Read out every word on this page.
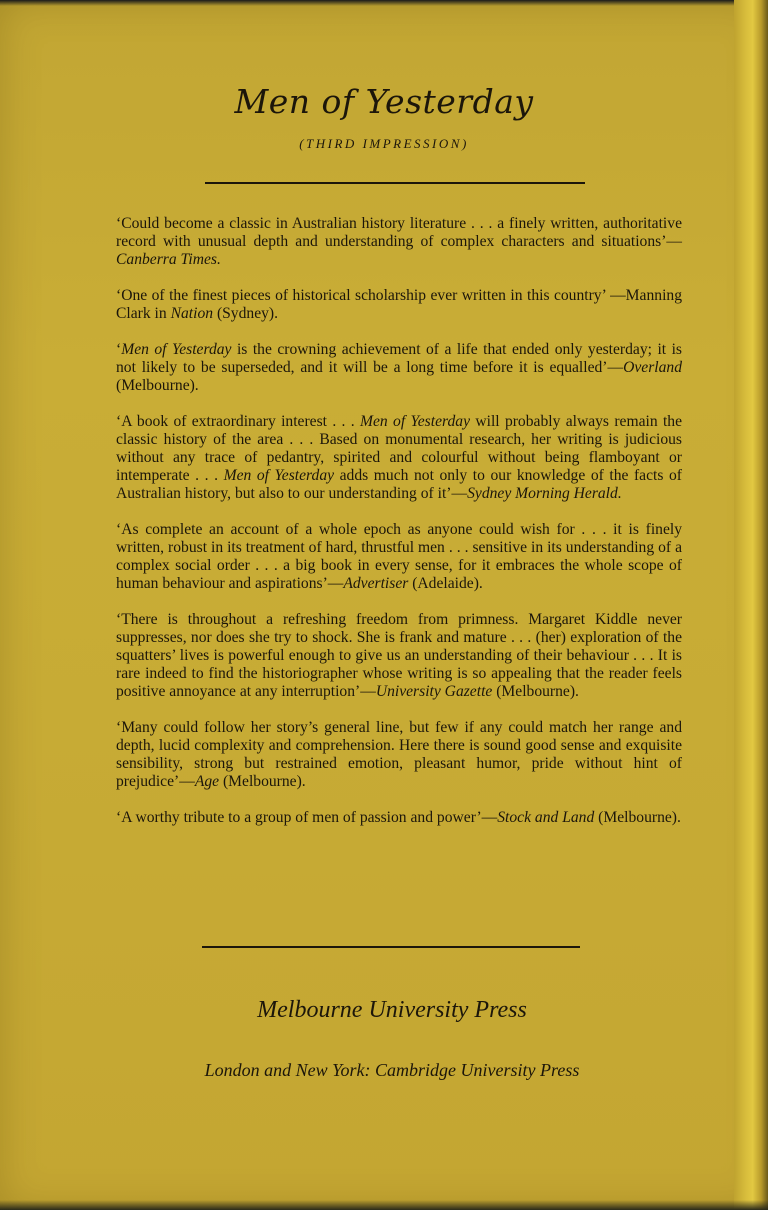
Men of Yesterday
(THIRD IMPRESSION)

‘Could become a classic in Australian history literature . . . a finely written, authoritative record with unusual depth and understanding of complex characters and situations’—Canberra Times.

‘One of the finest pieces of historical scholarship ever written in this country’ —Manning Clark in Nation (Sydney).

‘Men of Yesterday is the crowning achievement of a life that ended only yesterday; it is not likely to be superseded, and it will be a long time before it is equalled’—Overland (Melbourne).

‘A book of extraordinary interest . . . Men of Yesterday will probably always remain the classic history of the area . . . Based on monumental research, her writing is judicious without any trace of pedantry, spirited and colourful without being flamboyant or intemperate . . . Men of Yesterday adds much not only to our knowledge of the facts of Australian history, but also to our understanding of it’—Sydney Morning Herald.

‘As complete an account of a whole epoch as anyone could wish for . . . it is finely written, robust in its treatment of hard, thrustful men . . . sensitive in its understanding of a complex social order . . . a big book in every sense, for it embraces the whole scope of human behaviour and aspirations’—Advertiser (Adelaide).

‘There is throughout a refreshing freedom from primness. Margaret Kiddle never suppresses, nor does she try to shock. She is frank and mature . . . (her) exploration of the squatters’ lives is powerful enough to give us an understanding of their behaviour . . . It is rare indeed to find the historiographer whose writing is so appealing that the reader feels positive annoyance at any interruption’—University Gazette (Melbourne).

‘Many could follow her story’s general line, but few if any could match her range and depth, lucid complexity and comprehension. Here there is sound good sense and exquisite sensibility, strong but restrained emotion, pleasant humor, pride without hint of prejudice’—Age (Melbourne).

‘A worthy tribute to a group of men of passion and power’—Stock and Land (Melbourne).

Melbourne University Press
London and New York: Cambridge University Press
